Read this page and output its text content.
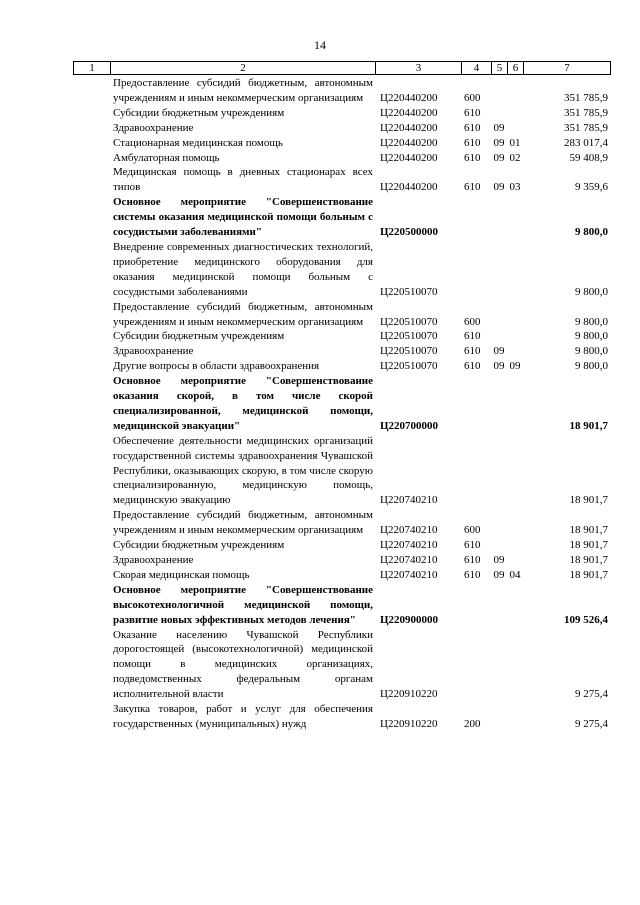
14
1	2	3	4	5	6	7
	Предоставление субсидий бюджетным, автономным учреждениям и иным некоммерческим организациям	Ц220440200	600			351 785,9
	Субсидии бюджетным учреждениям	Ц220440200	610			351 785,9
	Здравоохранение	Ц220440200	610	09		351 785,9
	Стационарная медицинская помощь	Ц220440200	610	09	01	283 017,4
	Амбулаторная помощь	Ц220440200	610	09	02	59 408,9
	Медицинская помощь в дневных стационарах всех типов	Ц220440200	610	09	03	9 359,6
	Основное мероприятие "Совершенствование системы оказания медицинской помощи больным с сосудистыми заболеваниями"	Ц220500000				9 800,0
	Внедрение современных диагностических технологий, приобретение медицинского оборудования для оказания медицинской помощи больным с сосудистыми заболеваниями	Ц220510070				9 800,0
	Предоставление субсидий бюджетным, автономным учреждениям и иным некоммерческим организациям	Ц220510070	600			9 800,0
	Субсидии бюджетным учреждениям	Ц220510070	610			9 800,0
	Здравоохранение	Ц220510070	610	09		9 800,0
	Другие вопросы в области здравоохранения	Ц220510070	610	09	09	9 800,0
	Основное мероприятие "Совершенствование оказания скорой, в том числе скорой специализированной, медицинской помощи, медицинской эвакуации"	Ц220700000				18 901,7
	Обеспечение деятельности медицинских организаций государственной системы здравоохранения Чувашской Республики, оказывающих скорую, в том числе скорую специализированную, медицинскую помощь, медицинскую эвакуацию	Ц220740210				18 901,7
	Предоставление субсидий бюджетным, автономным учреждениям и иным некоммерческим организациям	Ц220740210	600			18 901,7
	Субсидии бюджетным учреждениям	Ц220740210	610			18 901,7
	Здравоохранение	Ц220740210	610	09		18 901,7
	Скорая медицинская помощь	Ц220740210	610	09	04	18 901,7
	Основное мероприятие "Совершенствование высокотехнологичной медицинской помощи, развитие новых эффективных методов лечения"	Ц220900000				109 526,4
	Оказание населению Чувашской Республики дорогостоящей (высокотехнологичной) медицинской помощи в медицинских организациях, подведомственных федеральным органам исполнительной власти	Ц220910220				9 275,4
	Закупка товаров, работ и услуг для обеспечения государственных (муниципальных) нужд	Ц220910220	200			9 275,4
